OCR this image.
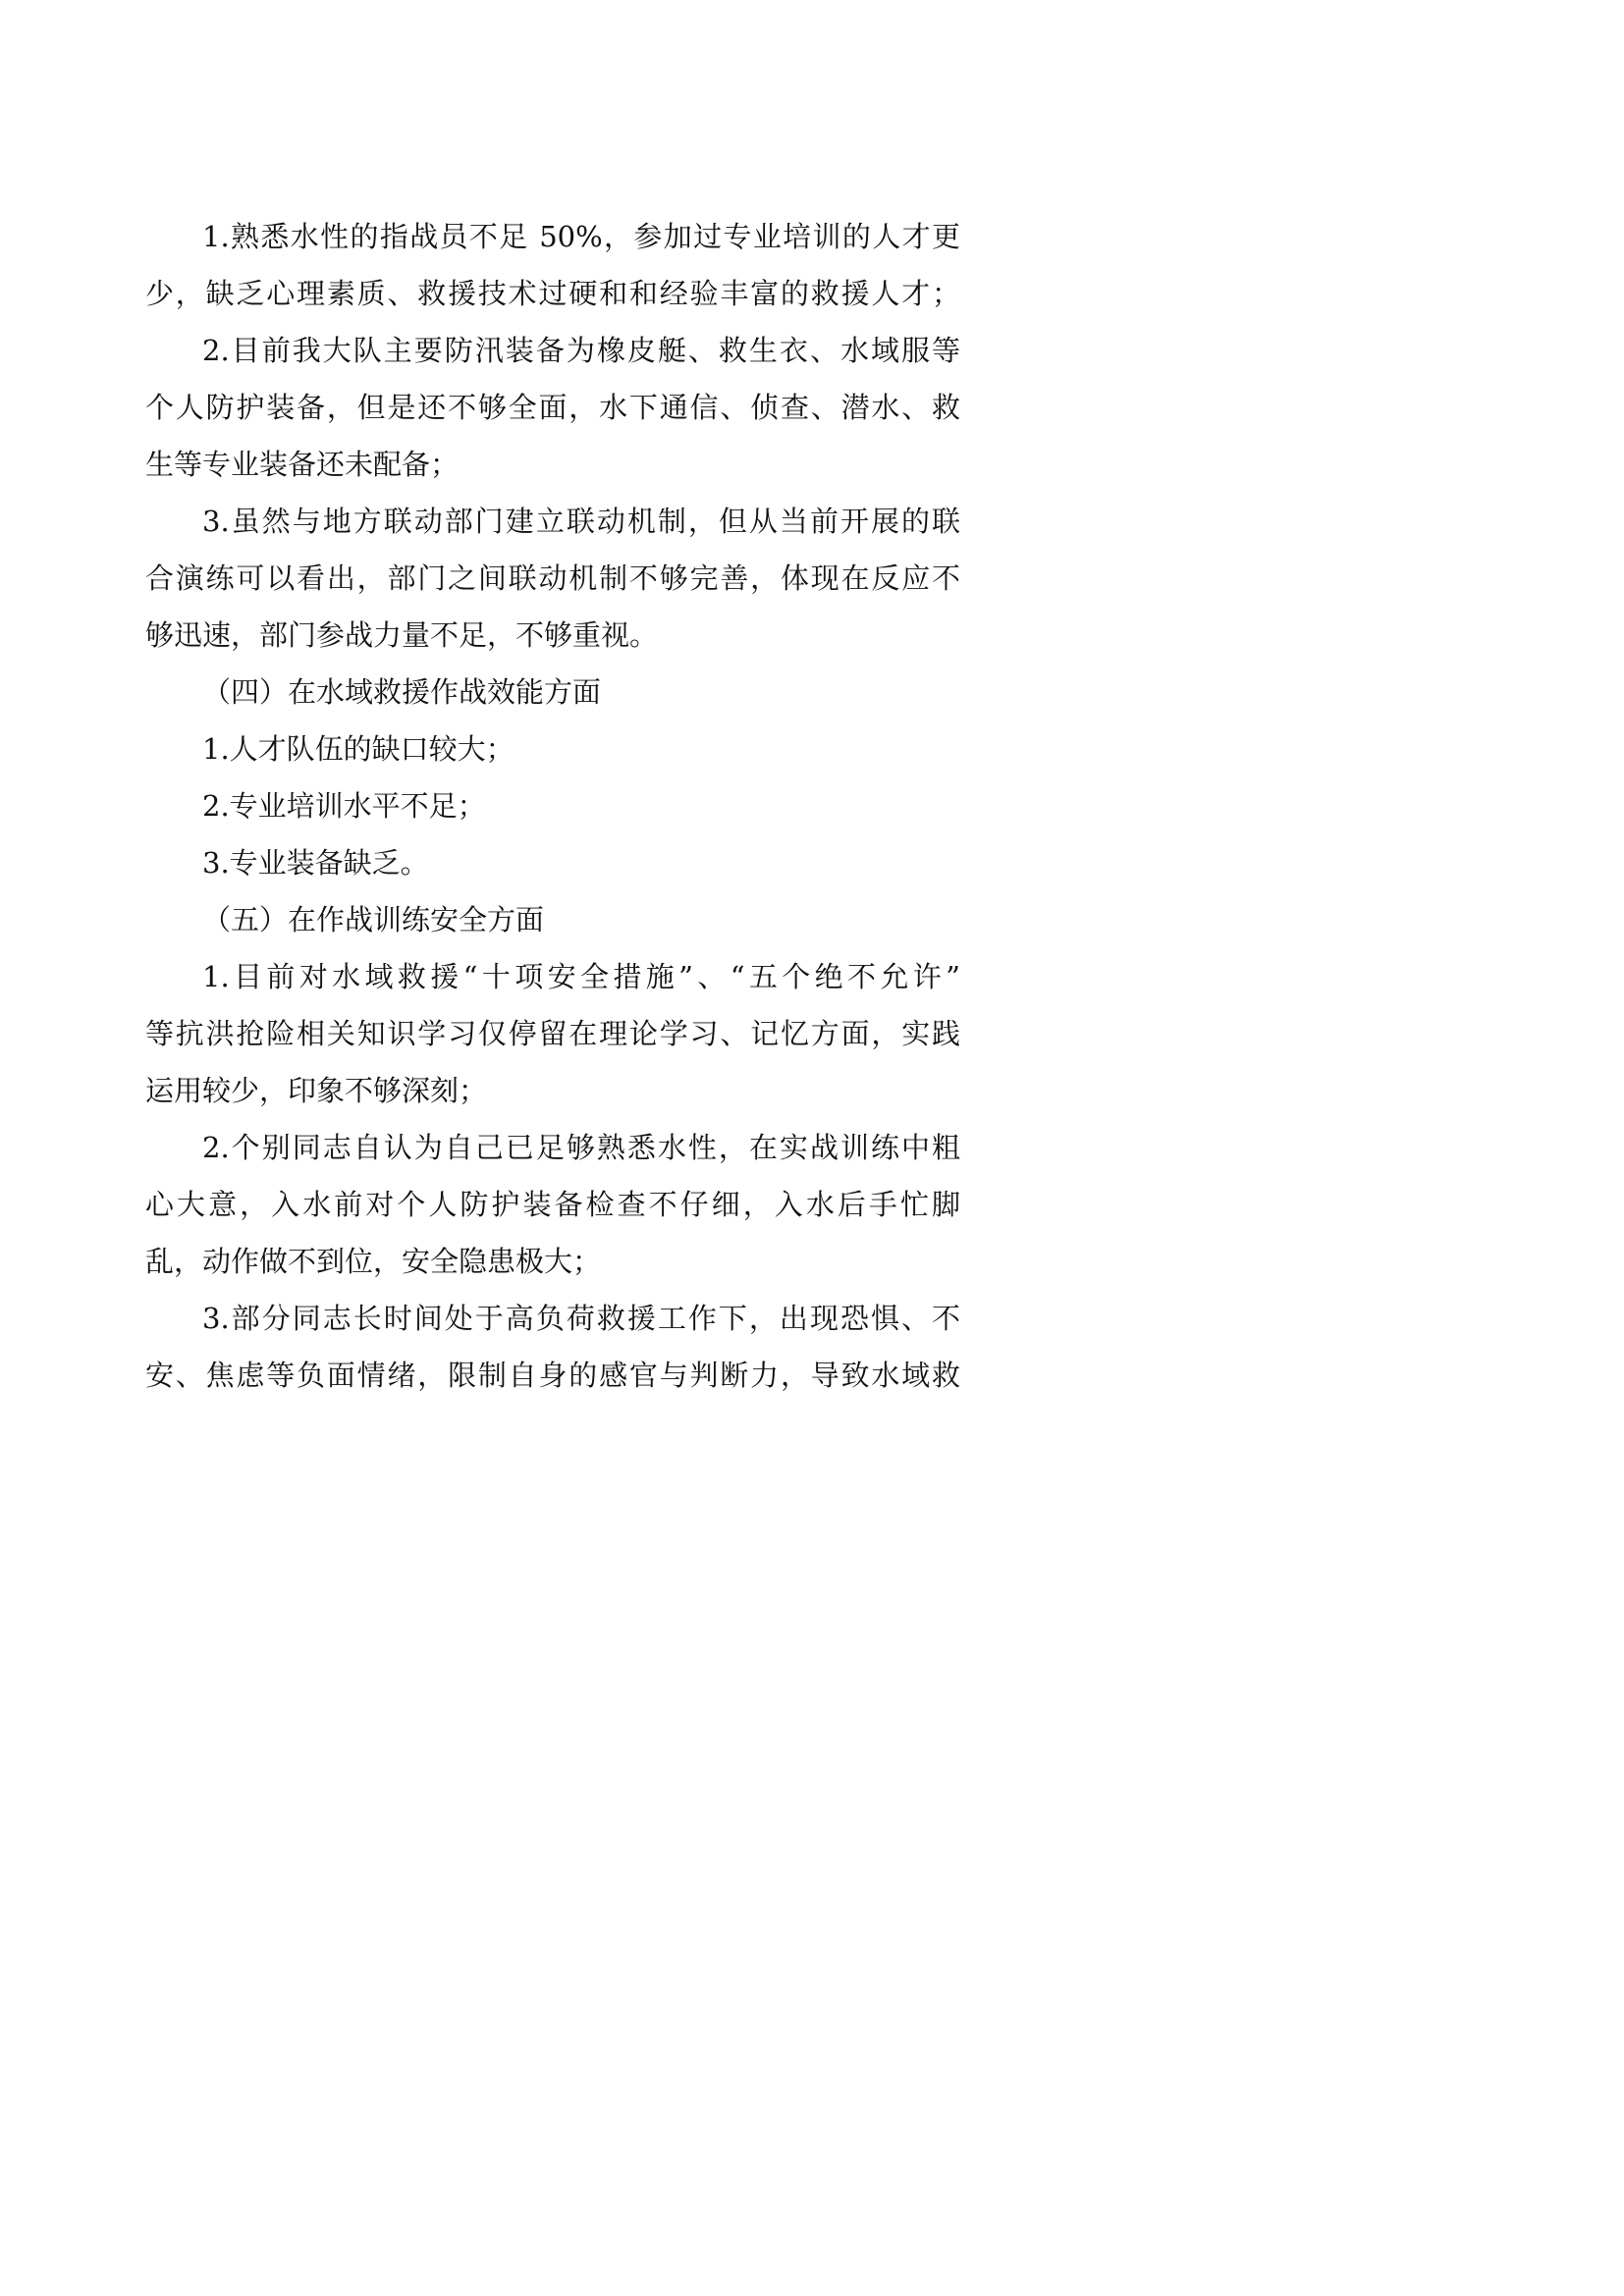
1.熟悉水性的指战员不足 50%，参加过专业培训的人才更
少，缺乏心理素质、救援技术过硬和和经验丰富的救援人才；
2.目前我大队主要防汛装备为橡皮艇、救生衣、水域服等
个人防护装备，但是还不够全面，水下通信、侦查、潜水、救
生等专业装备还未配备；
3.虽然与地方联动部门建立联动机制，但从当前开展的联
合演练可以看出，部门之间联动机制不够完善，体现在反应不
够迅速，部门参战力量不足，不够重视。
（四）在水域救援作战效能方面
1.人才队伍的缺口较大；
2.专业培训水平不足；
3.专业装备缺乏。
（五）在作战训练安全方面
1.目前对水域救援“十项安全措施”、“五个绝不允许”
等抗洪抢险相关知识学习仅停留在理论学习、记忆方面，实践
运用较少，印象不够深刻；
2.个别同志自认为自己已足够熟悉水性，在实战训练中粗
心大意，入水前对个人防护装备检查不仔细，入水后手忙脚
乱，动作做不到位，安全隐患极大；
3.部分同志长时间处于高负荷救援工作下，出现恐惧、不
安、焦虑等负面情绪，限制自身的感官与判断力，导致水域救
